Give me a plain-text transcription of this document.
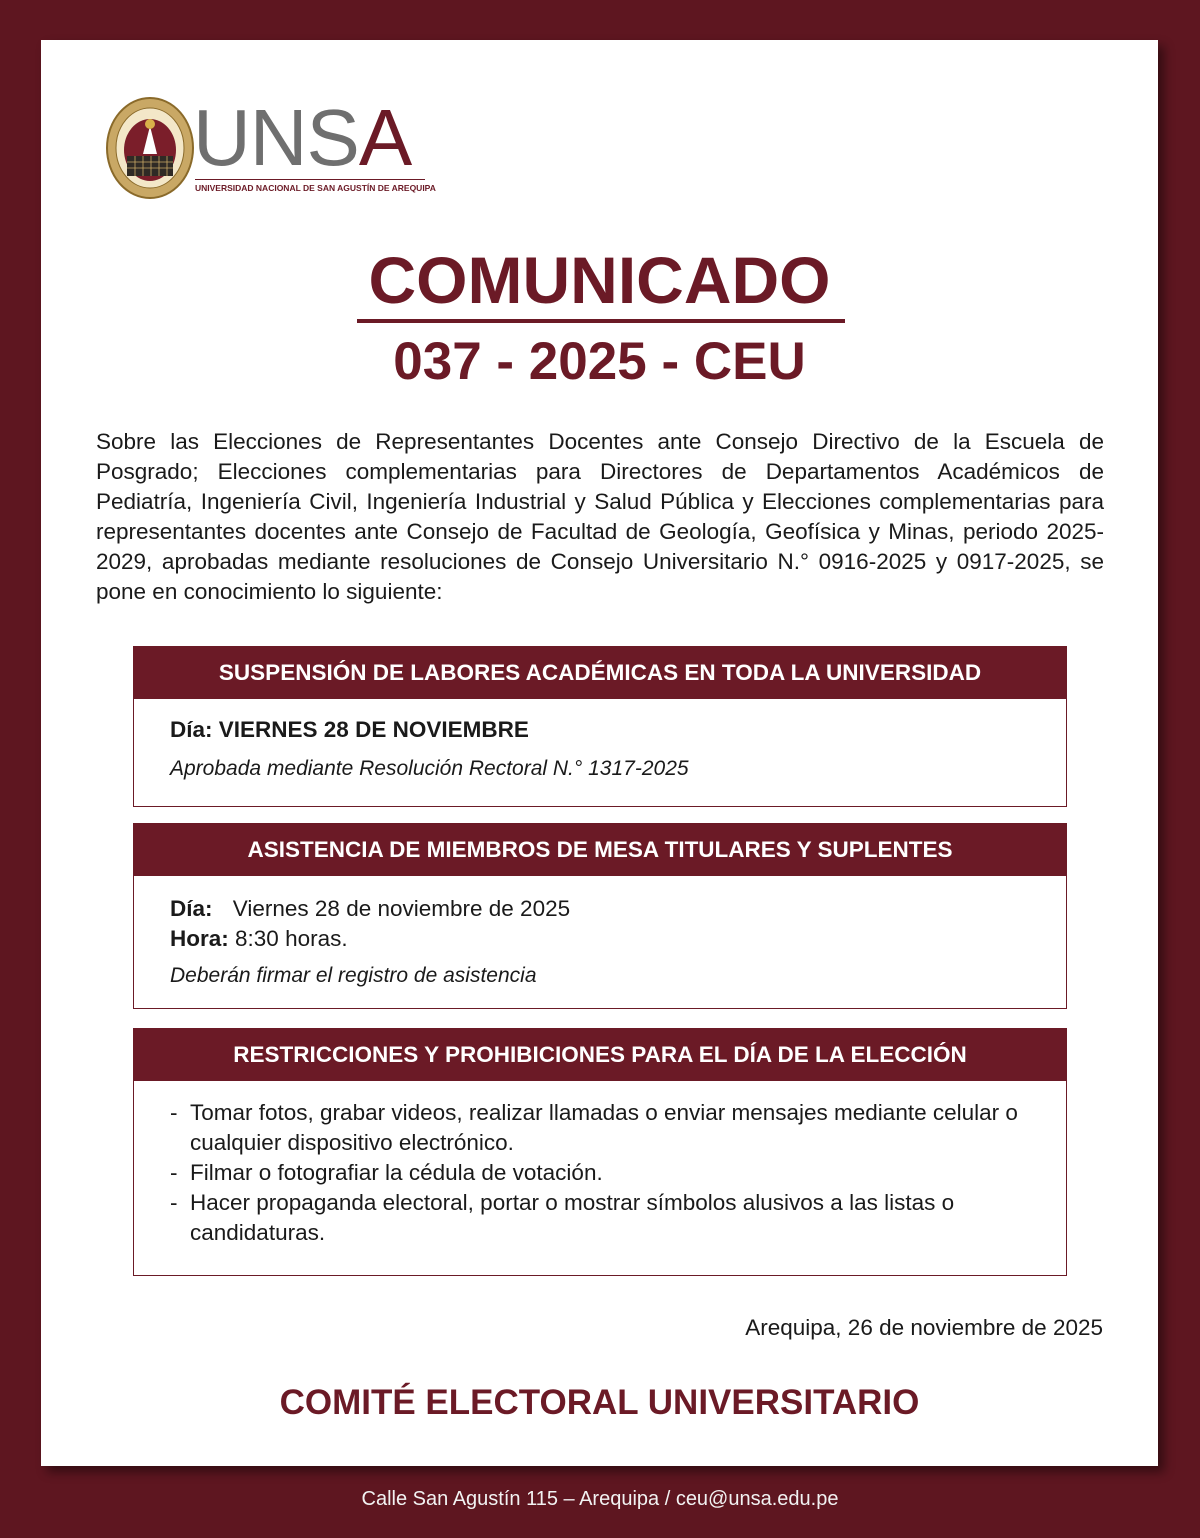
UNSA
UNIVERSIDAD NACIONAL DE SAN AGUSTÍN DE AREQUIPA
COMUNICADO
037 - 2025 - CEU
Sobre las Elecciones de Representantes Docentes ante Consejo Directivo de la Escuela de Posgrado; Elecciones complementarias para Directores de Departamentos Académicos de Pediatría, Ingeniería Civil, Ingeniería Industrial y Salud Pública y Elecciones complementarias para representantes docentes ante Consejo de Facultad de Geología, Geofísica y Minas, periodo 2025-2029, aprobadas mediante resoluciones de Consejo Universitario N.° 0916-2025 y 0917-2025, se pone en conocimiento lo siguiente:
SUSPENSIÓN DE LABORES ACADÉMICAS EN TODA LA UNIVERSIDAD
Día: VIERNES 28 DE NOVIEMBRE
Aprobada mediante Resolución Rectoral N.° 1317-2025
ASISTENCIA DE MIEMBROS DE MESA TITULARES Y SUPLENTES
Día: Viernes 28 de noviembre de 2025
Hora: 8:30 horas.
Deberán firmar el registro de asistencia
RESTRICCIONES Y PROHIBICIONES PARA EL DÍA DE LA ELECCIÓN
- Tomar fotos, grabar videos, realizar llamadas o enviar mensajes mediante celular o cualquier dispositivo electrónico.
- Filmar o fotografiar la cédula de votación.
- Hacer propaganda electoral, portar o mostrar símbolos alusivos a las listas o candidaturas.
Arequipa, 26 de noviembre de 2025
COMITÉ ELECTORAL UNIVERSITARIO
Calle San Agustín 115 – Arequipa / ceu@unsa.edu.pe
